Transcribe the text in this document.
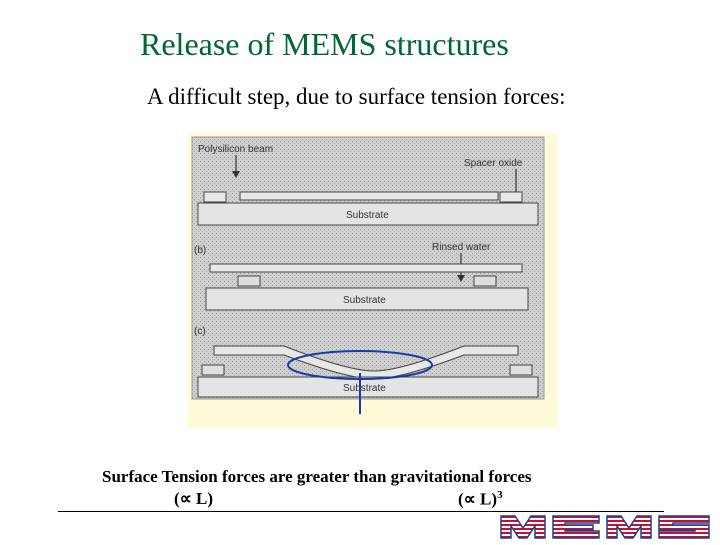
Release of MEMS structures
A difficult step, due to surface tension forces:
Polysilicon beam
Spacer oxide
Substrate
(b)	Rinsed water
Substrate
(c)
Substrate
Surface Tension forces are greater than gravitational forces
(∝ L)	(∝ L)$^3$
